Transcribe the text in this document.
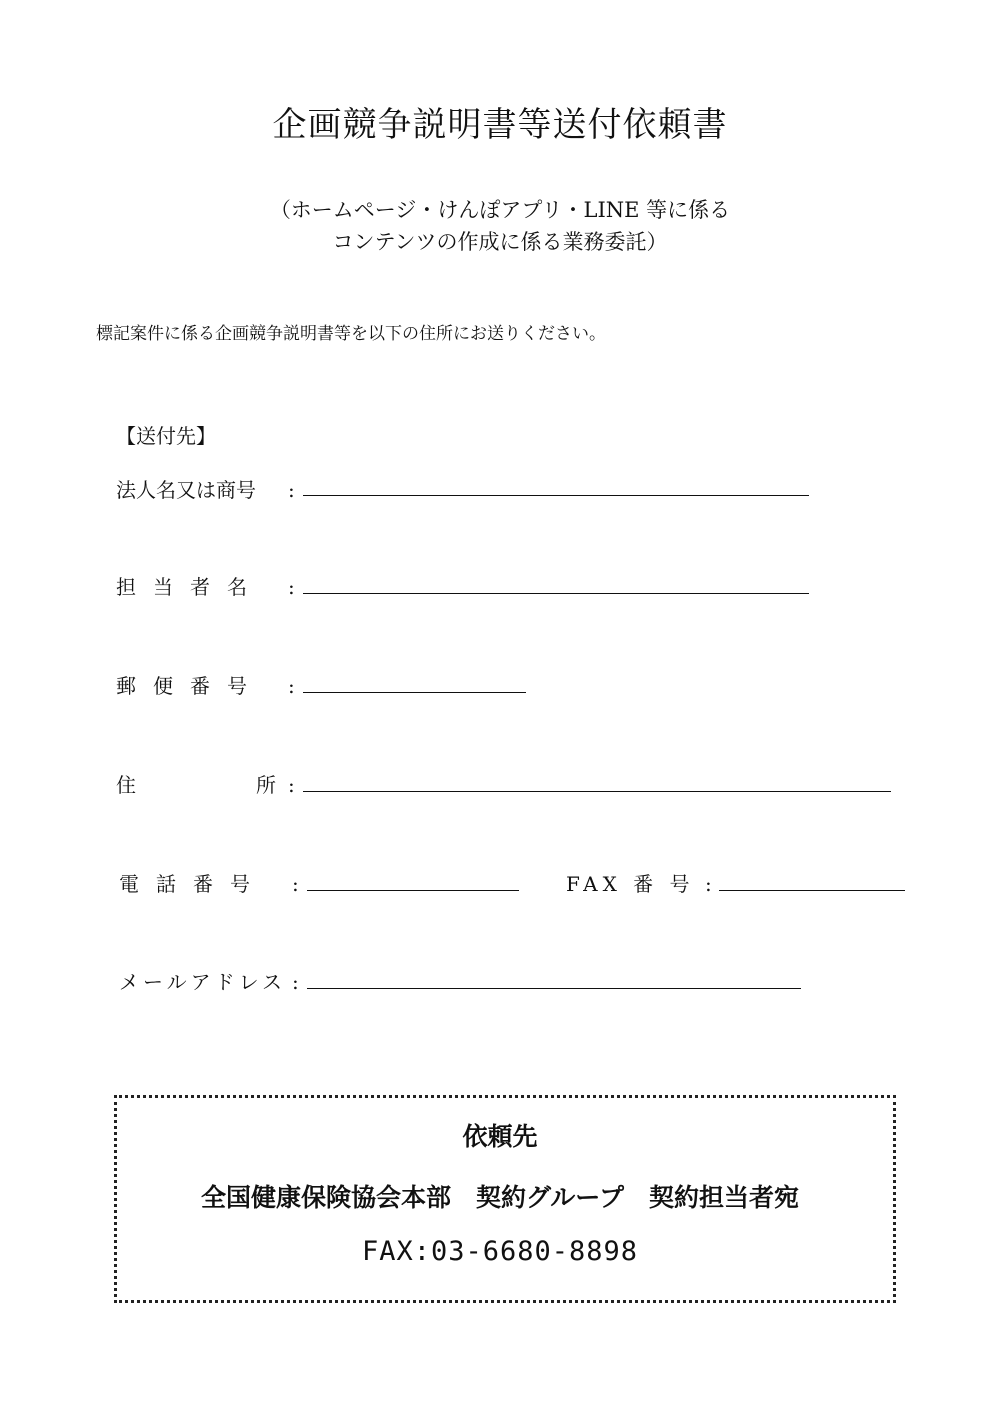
企画競争説明書等送付依頼書
（ホームページ・けんぽアプリ・LINE 等に係る
コンテンツの作成に係る業務委託）
標記案件に係る企画競争説明書等を以下の住所にお送りください。
【送付先】
法人名又は商号 :
担当者名 :
郵便番号 :
住	所 :
電話番号 :	FAX 番 号 :
メールアドレス :
依頼先
全国健康保険協会本部　契約グループ　契約担当者宛
FAX:03-6680-8898
